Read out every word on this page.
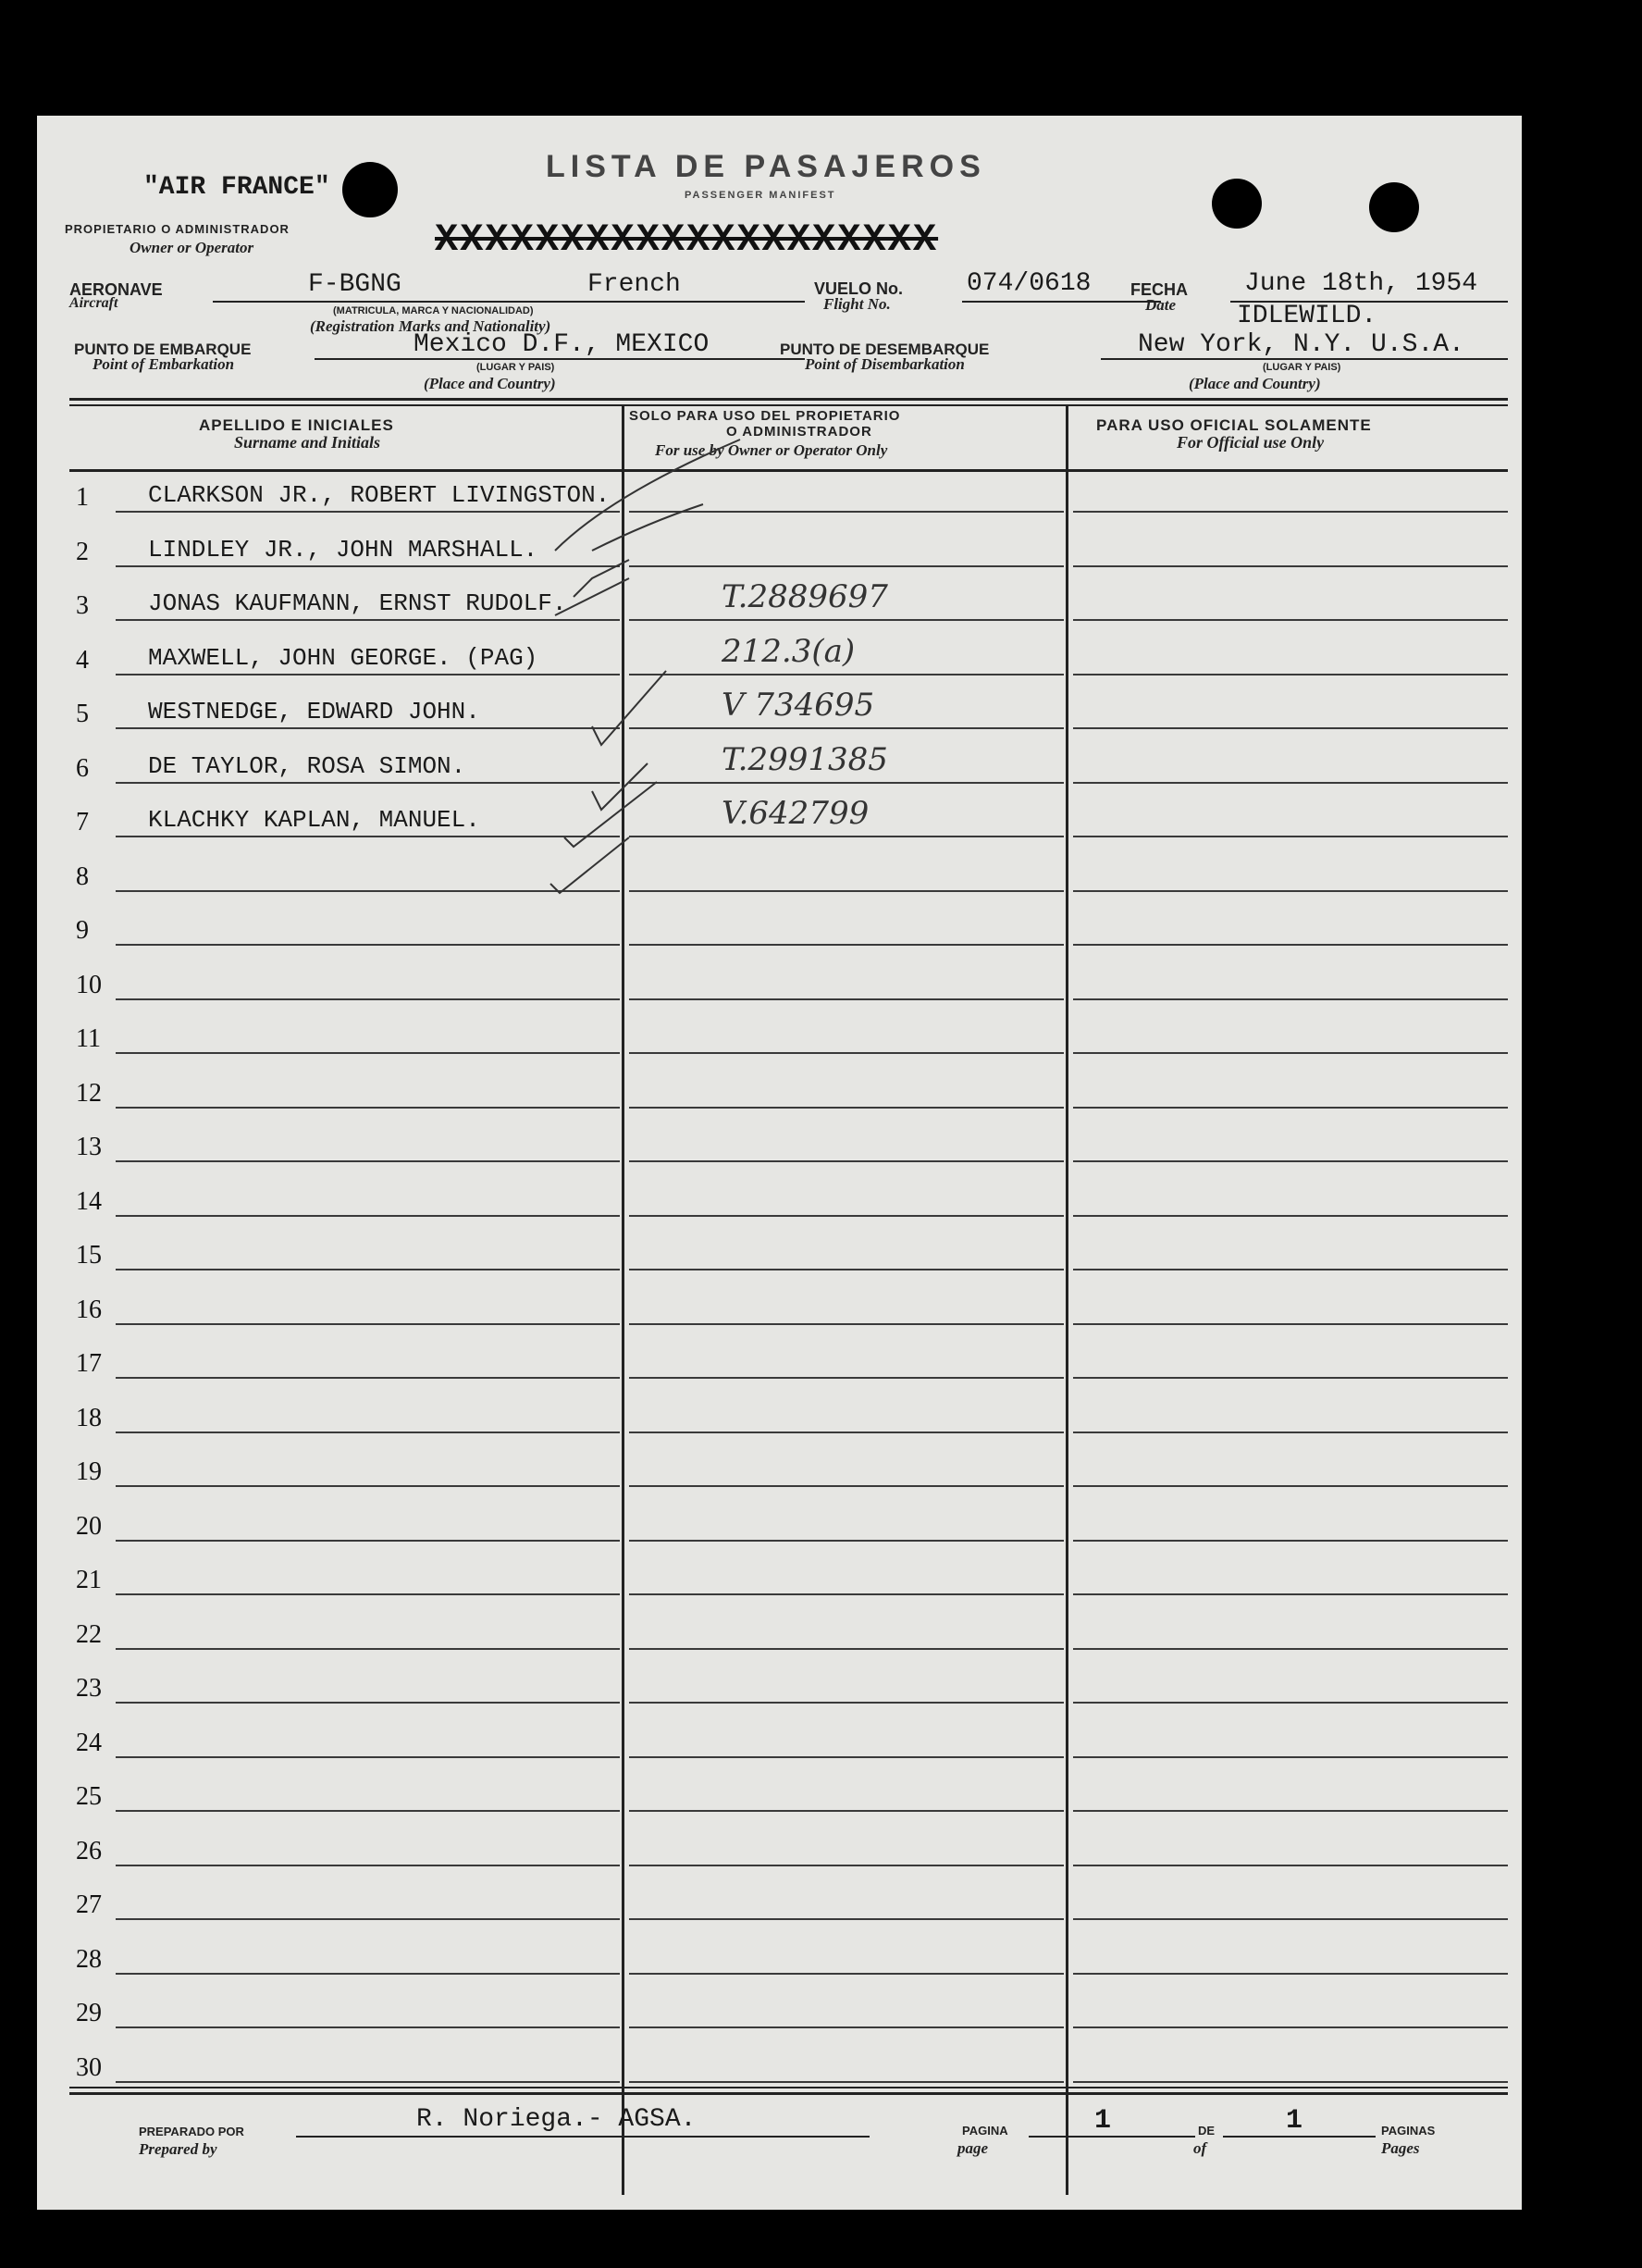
"AIR FRANCE"
LISTA DE PASAJEROS
PASSENGER MANIFEST
PROPIETARIO O ADMINISTRADOR
Owner or Operator	XXXXXXXXXXXXXXXXXXXX
AERONAVE
Aircraft
F-BGNG	French
(MATRICULA, MARCA Y NACIONALIDAD)
(Registration Marks and Nationality)
VUELO No.
Flight No.
074/0618 FECHA
Date
June 18th, 1954
PUNTO DE EMBARQUE
Point of Embarkation
Mexico D.F., MEXICO
(LUGAR Y PAIS)
(Place and Country)
PUNTO DE DESEMBARQUE
Point of Disembarkation
IDLEWILD.
New York, N.Y. U.S.A.
(LUGAR Y PAIS)
(Place and Country)
APELLIDO E INICIALES
Surname and Initials
SOLO PARA USO DEL PROPIETARIO
O ADMINISTRADOR
For use by Owner or Operator Only
PARA USO OFICIAL SOLAMENTE
For Official use Only
1	CLARKSON JR., ROBERT LIVINGSTON.
2	LINDLEY JR., JOHN MARSHALL.
3	JONAS KAUFMANN, ERNST RUDOLF.	T.2889697
4	MAXWELL, JOHN GEORGE. (PAG)	212.3(a)
5	WESTNEDGE, EDWARD JOHN.	V 734695
6	DE TAYLOR, ROSA SIMON.	T.2991385
7	KLACHKY KAPLAN, MANUEL.	V.642799
8
9
10
11
12
13
14
15
16
17
18
19
20
21
22
23
24
25
26
27
28
29
30
PREPARADO POR
Prepared by
R. Noriega.- AGSA.	PAGINA
page
1	DE
of
1	PAGINAS
Pages
